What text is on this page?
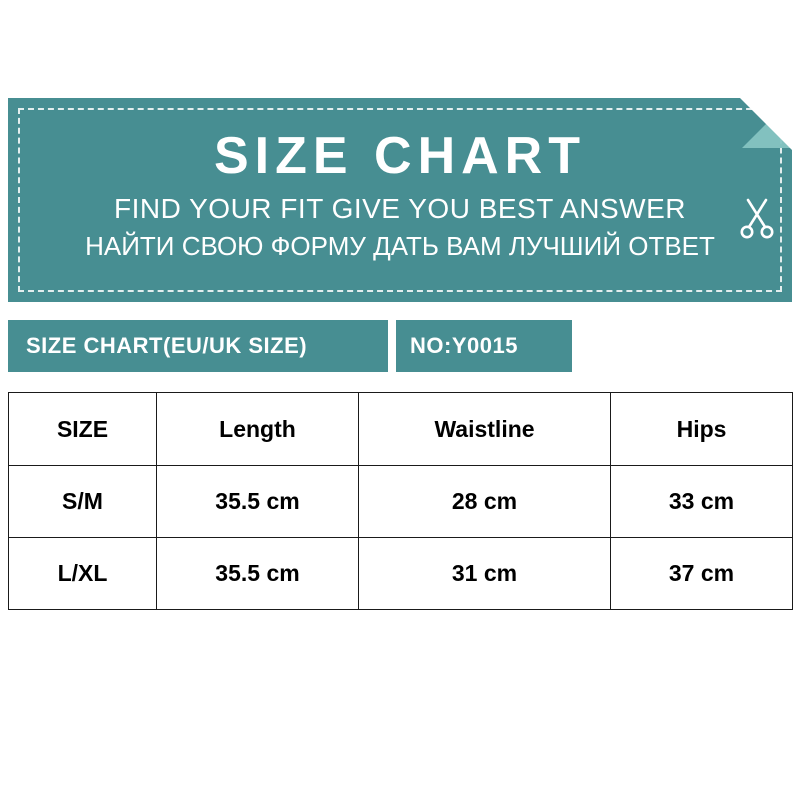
SIZE CHART
FIND YOUR FIT GIVE YOU BEST ANSWER
НАЙТИ СВОЮ ФОРМУ ДАТЬ ВАМ ЛУЧШИЙ ОТВЕТ
SIZE CHART(EU/UK SIZE)	NO:Y0015
SIZE	Length	Waistline	Hips
S/M	35.5 cm	28 cm	33 cm
L/XL	35.5 cm	31 cm	37 cm
